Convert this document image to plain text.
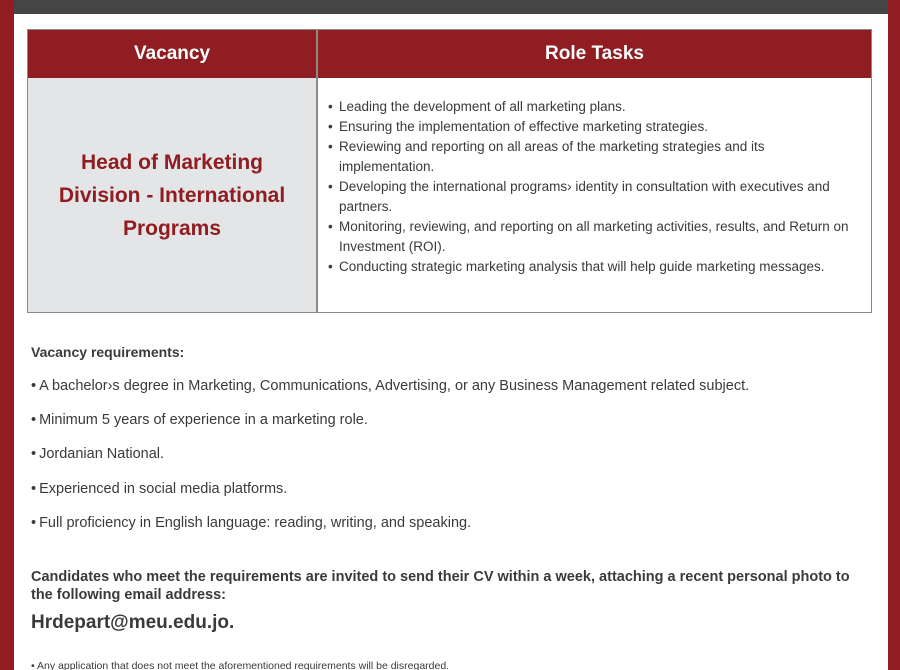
Vacancy	Role Tasks
Head of Marketing
Division - International
Programs
• Leading the development of all marketing plans.
• Ensuring the implementation of effective marketing strategies.
• Reviewing and reporting on all areas of the marketing strategies and its implementation.
• Developing the international programs› identity in consultation with executives and partners.
• Monitoring, reviewing, and reporting on all marketing activities, results, and Return on Investment (ROI).
• Conducting strategic marketing analysis that will help guide marketing messages.
Vacancy requirements:
• A bachelor›s degree in Marketing, Communications, Advertising, or any Business Management related subject.
• Minimum 5 years of experience in a marketing role.
• Jordanian National.
• Experienced in social media platforms.
• Full proficiency in English language: reading, writing, and speaking.
Candidates who meet the requirements are invited to send their CV within a week, attaching a recent personal photo to the following email address:
Hrdepart@meu.edu.jo.
• Any application that does not meet the aforementioned requirements will be disregarded.
